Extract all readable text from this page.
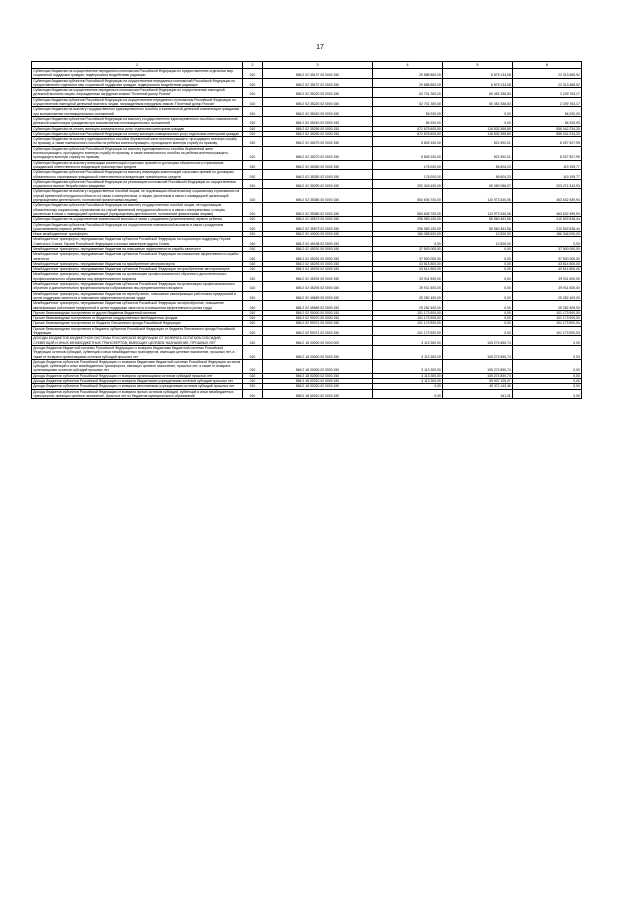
17
1	2	3	4	5	6
Субвенции бюджетам на осуществление переданного полномочия Российской Федерации по предоставлению отдельных мер социальной поддержки граждан, подвергшихся воздействию радиации	010	866 2 02 35137 00 0000 150	29 888 800,00	6 875 134,08	22 313 665,92
Субвенции бюджетам субъектов Российской Федерации на осуществление переданных полномочий Российской Федерации по предоставлению отдельных мер социальной поддержки граждан, подвергшихся воздействию радиации	010	866 2 02 35137 02 0000 150	29 888 800,00	6 875 134,08	22 313 665,92
Субвенции бюджетам на осуществление переданного полномочия Российской Федерации по осуществлению ежегодной денежной выплаты лицам, награжденным нагрудным знаком "Почетный донор России"	010	866 2 02 35220 00 0000 150	62 701 300,00	60 451 536,83	2 249 763,17
Субвенции бюджетам субъектов Российской Федерации на осуществление переданного полномочия Российской Федерации по осуществлению ежегодной денежной выплаты лицам, награжденным нагрудным знаком "Почетный донор России"	010	866 2 02 35220 02 0000 150	62 701 300,00	60 451 536,83	2 249 763,17
Субвенции бюджетам на выплату государственного единовременного пособия и ежемесячной денежной компенсации гражданам при возникновении поствакцинальных осложнений	010	866 2 02 35240 00 0000 150	56 200,00	0,00	56 200,00
Субвенции бюджетам субъектов Российской Федерации на выплату государственного единовременного пособия и ежемесячной денежной компенсации гражданам при возникновении поствакцинальных осложнений	010	866 2 02 35240 02 0000 150	56 200,00	0,00	56 200,00
Субвенции бюджетам на оплату жилищно-коммунальных услуг отдельным категориям граждан	010	866 2 02 35250 00 0000 150	672 875 600,00	116 832 365,80	556 042 234,20
Субвенции бюджетам субъектов Российской Федерации на оплату жилищно-коммунальных услуг отдельным категориям граждан	010	866 2 02 35250 02 0000 150	672 875 600,00	116 832 365,80	556 042 234,20
Субвенции бюджетам на выплату единовременного пособия беременной жене военнослужащего, проходящего военную службу по призыву, а также ежемесячного пособия на ребенка военнослужащего, проходящего военную службу по призыву	010	866 2 02 35270 00 0000 150	8 849 100,00	821 592,01	8 027 507,99
Субвенции бюджетам субъектов Российской Федерации на выплату единовременного пособия беременной жене военнослужащего, проходящего военную службу по призыву, а также ежемесячного пособия на ребенка военнослужащего, проходящего военную службу по призыву	010	866 2 02 35270 02 0000 150	8 849 100,00	821 592,01	8 027 507,99
Субвенции бюджетам на выплату инвалидам компенсаций страховых премий по договорам обязательного страхования гражданской ответственности владельцев транспортных средств	010	866 2 02 35280 00 0000 150	176 000,00	56 604,23	119 195,77
Субвенции бюджетам субъектов Российской Федерации на выплату инвалидам компенсаций страховых премий по договорам обязательного страхования гражданской ответственности владельцев транспортных средств	010	866 2 02 35280 02 0000 150	176 000,00	56 604,23	119 195,77
Субвенции бюджетам субъектов Российской Федерации на реализацию полномочий Российской Федерации по осуществлению социальных выплат безработным гражданам	010	866 2 02 35290 02 0000 150	292 343 400,00	69 069 056,07	223 274 343,93
Субвенции бюджетам на выплату государственных пособий лицам, не подлежащим обязательному социальному страхованию на случай временной нетрудоспособности и в связи с материнством, и лицам, уволенным в связи с ликвидацией организаций (прекращением деятельности, полномочий физическими лицами)	010	866 2 02 35380 00 0000 150	584 606 700,00	110 973 340,06	463 632 359,94
Субвенции бюджетам субъектов Российской Федерации на выплату государственных пособий лицам, не подлежащим обязательному социальному страхованию на случай временной нетрудоспособности и в связи с материнством, и лицам, уволенным в связи с ликвидацией организаций (прекращением деятельности, полномочий физическими лицами)	010	866 2 02 35380 02 0000 150	584 606 700,00	110 973 340,06	463 632 359,94
Субвенции бюджетам на осуществление ежемесячной выплаты в связи с рождением (усыновлением) первого ребенка	010	866 2 02 35573 00 0000 150	296 083 100,00	85 560 461,56	210 502 638,44
Субвенции бюджетам субъектов Российской Федерации на осуществление ежемесячной выплаты в связи с рождением (усыновлением) первого ребенка	010	866 2 02 35573 02 0000 150	296 083 100,00	85 560 461,56	210 502 638,44
Иные межбюджетные трансферты	010	866 2 02 40000 00 0000 150	186 358 500,00	12 500,00	186 346 000,00
Межбюджетные трансферты, передаваемые бюджетам субъектов Российской Федерации на социальную поддержку Героев Советского Союза, Героев Российской Федерации и полных кавалеров ордена Славы	010	866 2 02 45198 02 0000 150	0,00	12 500,00	0,00
Межбюджетные трансферты, передаваемые бюджетам на повышение эффективности службы занятости	010	866 2 02 45291 00 0000 150	37 500 000,00	0,00	37 500 000,00
Межбюджетные трансферты, передаваемые бюджетам субъектов Российской Федерации на повышение эффективности службы занятости	010	866 2 02 45291 02 0000 150	37 500 000,00	0,00	37 500 000,00
Межбюджетные трансферты, передаваемые бюджетам на приобретение автотранспорта	010	866 2 02 45293 00 0000 150	43 614 800,00	0,00	43 614 800,00
Межбюджетные трансферты, передаваемые бюджетам субъектов Российской Федерации на приобретение автотранспорта	010	866 2 02 45293 02 0000 150	43 614 800,00	0,00	43 614 800,00
Межбюджетные трансферты, передаваемые бюджетам на организацию профессионального обучения и дополнительного профессионального образования лиц предпенсионного возраста	010	866 2 02 45294 00 0000 150	29 911 500,00	0,00	29 911 500,00
Межбюджетные трансферты, передаваемые бюджетам субъектов Российской Федерации на организацию профессионального обучения и дополнительного профессионального образования лиц предпенсионного возраста	010	866 2 02 45294 02 0000 150	29 911 500,00	0,00	29 911 500,00
Межбюджетные трансферты, передаваемые бюджетам на переобучение, повышение квалификации работников предприятий в целях поддержки занятости и повышения эффективности рынка труда	010	866 2 02 45659 00 0000 150	25 282 400,00	0,00	25 282 400,00
Межбюджетные трансферты, передаваемые бюджетам субъектов Российской Федерации на переобучение, повышение квалификации работников предприятий в целях поддержки занятости и повышения эффективности рынка труда	010	866 2 02 45659 02 0000 150	25 282 400,00	0,00	25 282 400,00
Прочие безвозмездные поступления от других бюджетов бюджетной системы	010	866 2 02 90000 00 0000 150	101 173 900,00	0,00	101 173 900,00
Прочие безвозмездные поступления от бюджетов государственных внебюджетных фондов	010	866 2 02 90070 00 0000 150	101 173 900,00	0,00	101 173 900,00
Прочие безвозмездные поступления от бюджета Пенсионного фонда Российской Федерации	010	866 2 02 90071 00 0000 150	101 173 900,00	0,00	101 173 900,00
Прочие безвозмездные поступления в бюджеты субъектов Российской Федерации от бюджета Пенсионного фонда Российской Федерации	010	866 2 02 90071 02 0000 150	101 173 900,00	0,00	101 173 900,00
ДОХОДЫ БЮДЖЕТОВ БЮДЖЕТНОЙ СИСТЕМЫ РОССИЙСКОЙ ФЕДЕРАЦИИ ОТ ВОЗВРАТА ОСТАТКОВ СУБСИДИЙ, СУБВЕНЦИЙ И ИНЫХ МЕЖБЮДЖЕТНЫХ ТРАНСФЕРТОВ, ИМЕЮЩИХ ЦЕЛЕВОЕ НАЗНАЧЕНИЕ, ПРОШЛЫХ ЛЕТ	010	866 2 18 00000 00 0000 000	3 113 300,00	105 274 850,74	0,00
Доходы бюджетов бюджетной системы Российской Федерации от возврата бюджетами бюджетной системы Российской Федерации остатков субсидий, субвенций и иных межбюджетных трансфертов, имеющих целевое назначение, прошлых лет, а также от возврата организациями остатков субсидий прошлых лет	010	866 2 18 00000 00 0000 150	3 113 300,00	105 274 850,74	0,00
Доходы бюджетов субъектов Российской Федерации от возврата бюджетами бюджетной системы Российской Федерации остатков субсидий, субвенций и иных межбюджетных трансфертов, имеющих целевое назначение, прошлых лет, а также от возврата организациями остатков субсидий прошлых лет	010	866 2 18 00000 02 0000 150	3 113 300,00	105 274 850,74	0,00
Доходы бюджетов субъектов Российской Федерации от возврата организациями остатков субсидий прошлых лет	010	866 2 18 02000 02 0000 150	3 113 300,00	105 274 850,74	0,00
Доходы бюджетов субъектов Российской Федерации от возврата бюджетными учреждениями остатков субсидий прошлых лет	010	866 2 18 02010 02 0000 150	3 113 300,00	59 907 125,07	0,00
Доходы бюджетов субъектов Российской Федерации от возврата автономными учреждениями остатков субсидий прошлых лет	010	866 2 18 02020 02 0000 150	0,00	45 372 143,46	0,00
Доходы бюджетов субъектов Российской Федерации от возврата прочих остатков субсидий, субвенций и иных межбюджетных трансфертов, имеющих целевое назначение, прошлых лет из бюджетов муниципальных образований	010	866 2 18 60010 02 0000 150	0,00	341,31	0,00
